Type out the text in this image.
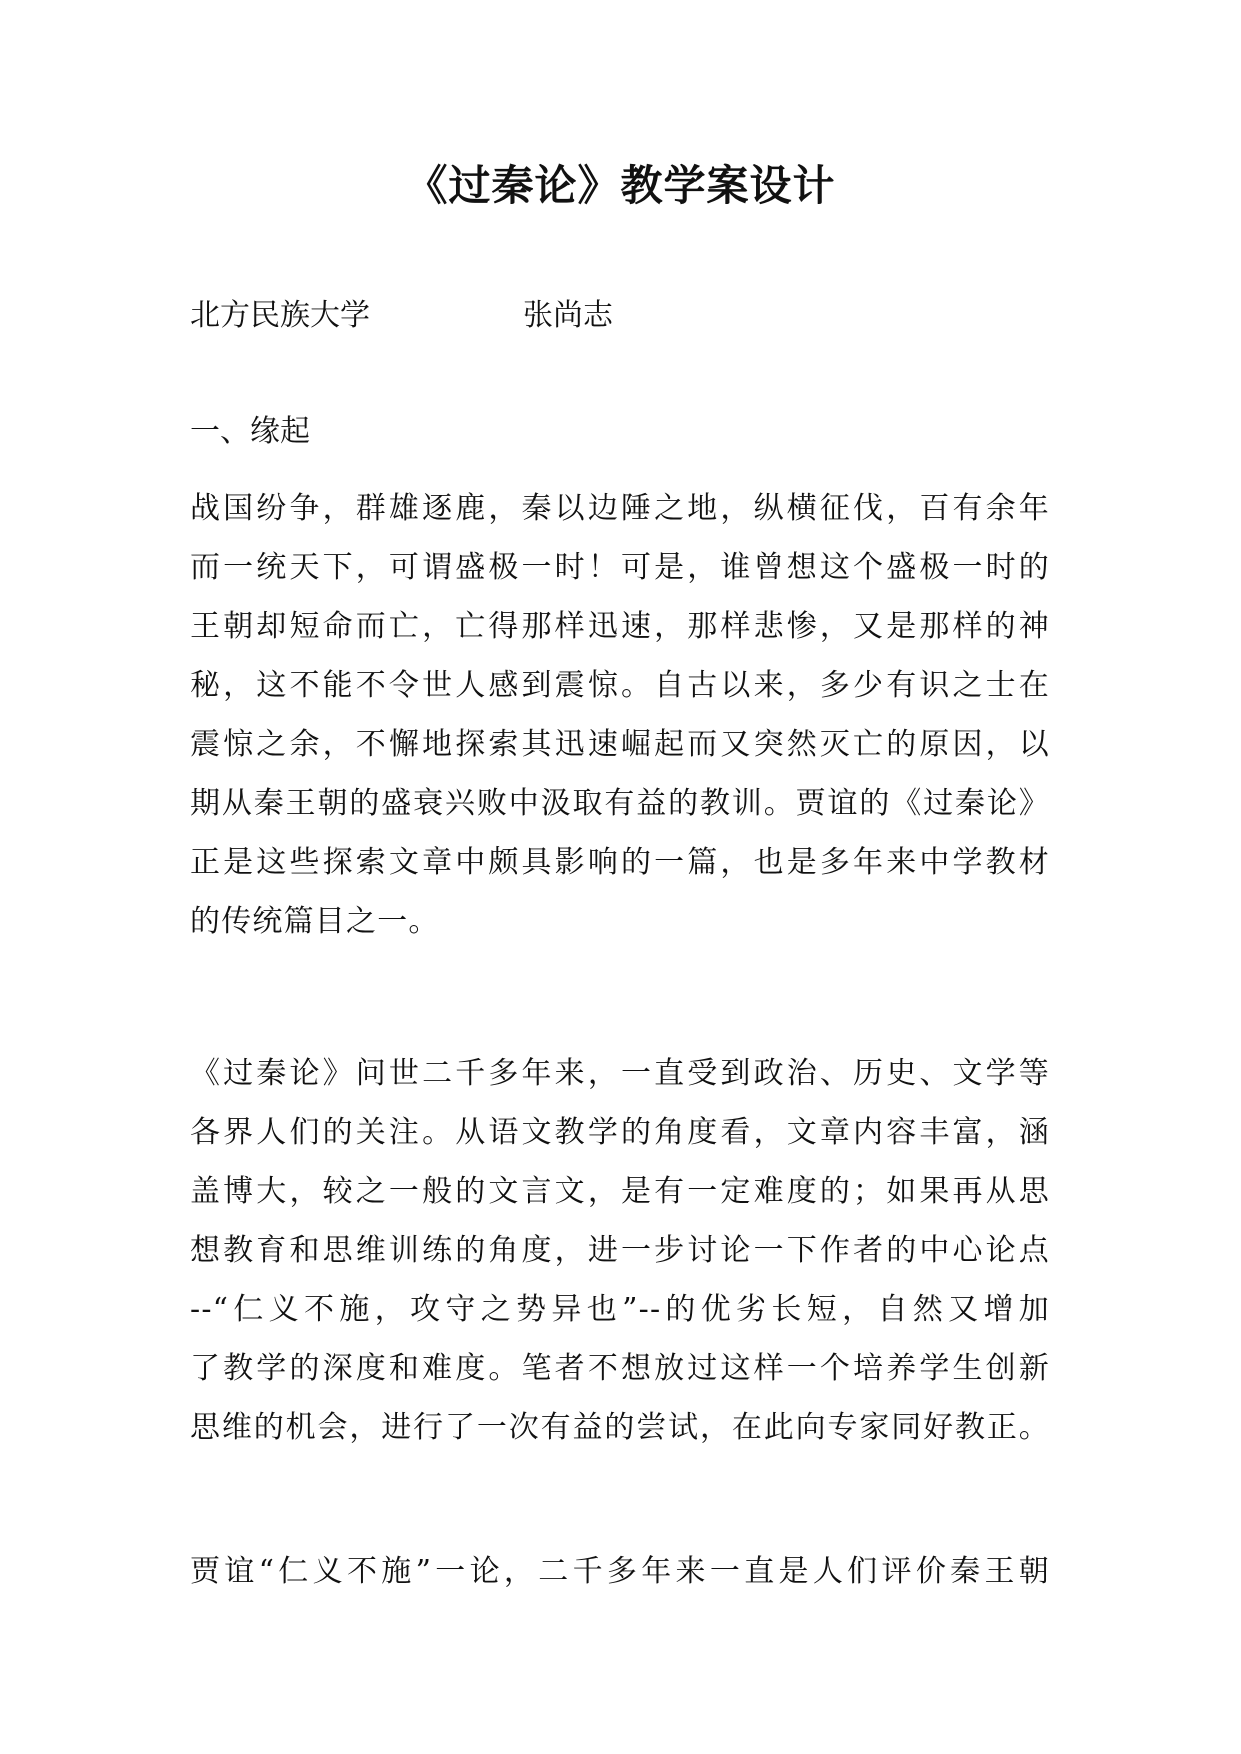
《过秦论》教学案设计
北方民族大学	张尚志
一、缘起
战国纷争，群雄逐鹿，秦以边陲之地，纵横征伐，百有余年
而一统天下，可谓盛极一时！可是，谁曾想这个盛极一时的
王朝却短命而亡，亡得那样迅速，那样悲惨，又是那样的神
秘，这不能不令世人感到震惊。自古以来，多少有识之士在
震惊之余，不懈地探索其迅速崛起而又突然灭亡的原因，以
期从秦王朝的盛衰兴败中汲取有益的教训。贾谊的《过秦论》
正是这些探索文章中颇具影响的一篇，也是多年来中学教材
的传统篇目之一。
《过秦论》问世二千多年来，一直受到政治、历史、文学等
各界人们的关注。从语文教学的角度看，文章内容丰富，涵
盖博大，较之一般的文言文，是有一定难度的；如果再从思
想教育和思维训练的角度，进一步讨论一下作者的中心论点
--“仁义不施，攻守之势异也”--的优劣长短，自然又增加
了教学的深度和难度。笔者不想放过这样一个培养学生创新
思维的机会，进行了一次有益的尝试，在此向专家同好教正。
贾谊“仁义不施”一论，二千多年来一直是人们评价秦王朝
